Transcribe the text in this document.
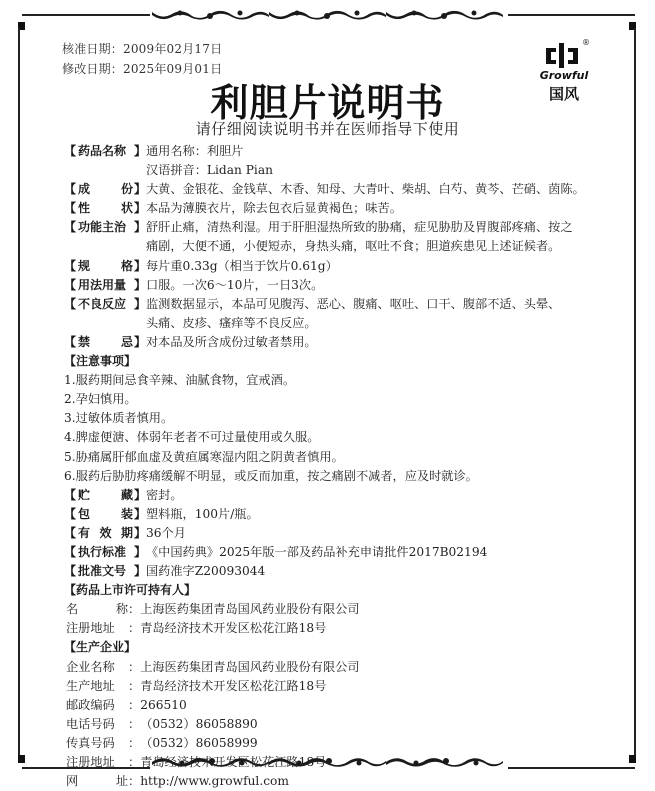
核准日期：2009年02月17日
修改日期：2025年09月01日
®
Growful
国风
利胆片说明书
请仔细阅读说明书并在医师指导下使用
【 药品名称 】 通用名称：利胆片
汉语拼音：Lidan Pian
【 成	份 】 大黄、金银花、金钱草、木香、知母、大青叶、柴胡、白芍、黄芩、芒硝、茵陈。
【 性	状 】 本品为薄膜衣片，除去包衣后显黄褐色；味苦。
【 功能主治 】 舒肝止痛，清热利湿。用于肝胆湿热所致的胁痛，症见胁肋及胃腹部疼痛、按之
痛剧，大便不通，小便短赤，身热头痛，呕吐不食；胆道疾患见上述证候者。
【 规	格 】 每片重0.33g（相当于饮片0.61g）
【 用法用量 】 口服。一次6～10片，一日3次。
【 不良反应 】 监测数据显示，本品可见腹泻、恶心、腹痛、呕吐、口干、腹部不适、头晕、
头痛、皮疹、瘙痒等不良反应。
【 禁	忌 】 对本品及所含成份过敏者禁用。
【注意事项】
1.服药期间忌食辛辣、油腻食物，宜戒酒。
2.孕妇慎用。
3.过敏体质者慎用。
4.脾虚便溏、体弱年老者不可过量使用或久服。
5.胁痛属肝郁血虚及黄疸属寒湿内阻之阴黄者慎用。
6.服药后胁肋疼痛缓解不明显，或反而加重，按之痛剧不减者，应及时就诊。
【 贮	藏 】 密封。
【 包	装 】 塑料瓶，100片/瓶。
【 有 效 期 】 36个月
【 执行标准 】 《中国药典》2025年版一部及药品补充申请批件2017B02194
【 批准文号 】 国药准字Z20093044
【药品上市许可持有人】
名	称 ： 上海医药集团青岛国风药业股份有限公司
注册地址 ： 青岛经济技术开发区松花江路18号
【生产企业】
企业名称 ： 上海医药集团青岛国风药业股份有限公司
生产地址 ： 青岛经济技术开发区松花江路18号
邮政编码 ： 266510
电话号码 ： （0532）86058890
传真号码 ： （0532）86058999
注册地址 ： 青岛经济技术开发区松花江路18号
网	址 ： http://www.growful.com
